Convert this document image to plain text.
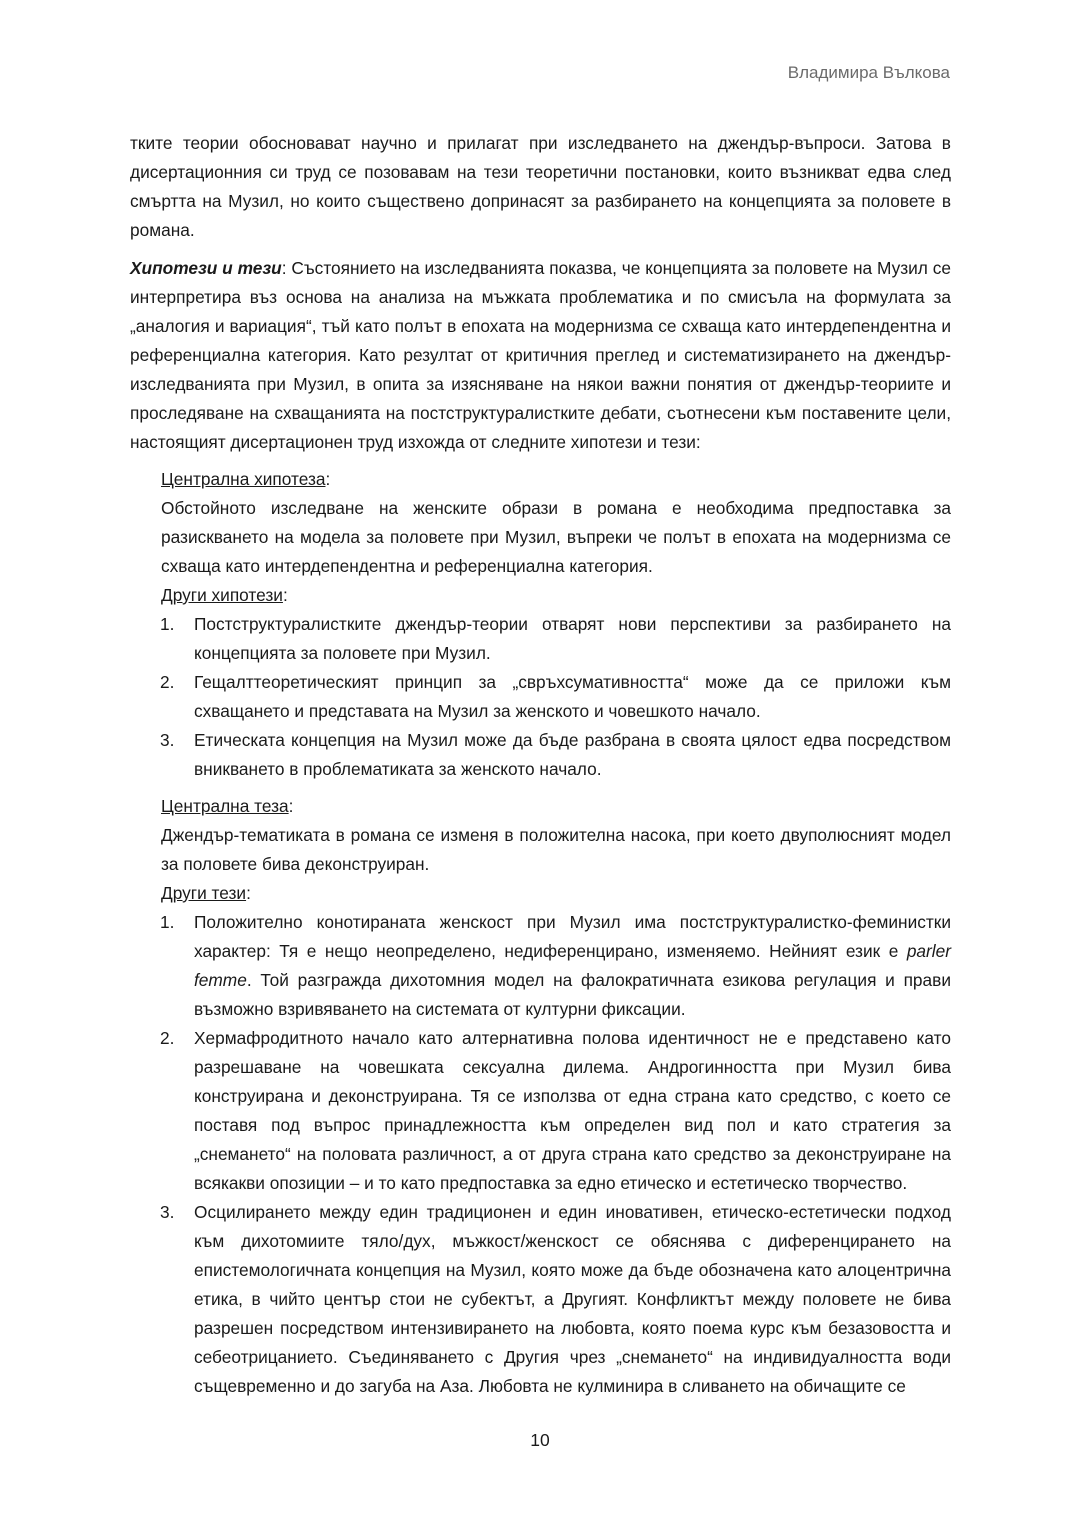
Владимира Вълкова

тките теории обосновават научно и прилагат при изследването на джендър-въпроси. Затова в дисертационния си труд се позовавам на тези теоретични постановки, които възникват едва след смъртта на Музил, но които съществено допринасят за разбирането на концепцията за половете в романа.

Хипотези и тези: Състоянието на изследванията показва, че концепцията за половете на Музил се интерпретира въз основа на анализа на мъжката проблематика и по смисъла на формулата за „аналогия и вариация“, тъй като полът в епохата на модернизма се схваща като интердепендентна и референциална категория. Като резултат от критичния преглед и систематизирането на джендър-изследванията при Музил, в опита за изясняване на някои важни понятия от джендър-теориите и проследяване на схващанията на постструктуралистките дебати, съотнесени към поставените цели, настоящият дисертационен труд изхожда от следните хипотези и тези:

Централна хипотеза:

Обстойното изследване на женските образи в романа е необходима предпоставка за разискването на модела за половете при Музил, въпреки че полът в епохата на модернизма се схваща като интердепендентна и референциална категория.

Други хипотези:

1. Постструктуралистките джендър-теории отварят нови перспективи за разбирането на концепцията за половете при Музил.
2. Гещалттеоретическият принцип за „свръхсумативността“ може да се приложи към схващането и представата на Музил за женското и човешкото начало.
3. Етическата концепция на Музил може да бъде разбрана в своята цялост едва посредством вникването в проблематиката за женското начало.

Централна теза:

Джендър-тематиката в романа се изменя в положителна насока, при което двуполюсният модел за половете бива деконструиран.

Други тези:

1. Положително конотираната женскост при Музил има постструктуралистко-феминистки характер: Тя е нещо неопределено, недиференцирано, изменяемо. Нейният език е parler femme. Той разгражда дихотомния модел на фалократичната езикова регулация и прави възможно взривяването на системата от културни фиксации.
2. Хермафродитното начало като алтернативна полова идентичност не е представено като разрешаване на човешката сексуална дилема. Андрогинността при Музил бива конструирана и деконструирана. Тя се използва от една страна като средство, с което се поставя под въпрос принадлежността към определен вид пол и като стратегия за „снемането“ на половата различност, а от друга страна като средство за деконструиране на всякакви опозиции – и то като предпоставка за едно етическо и естетическо творчество.
3. Осцилирането между един традиционен и един иновативен, етическо-естетически подход към дихотомиите тяло/дух, мъжкост/женскост се обяснява с диференцирането на епистемологичната концепция на Музил, която може да бъде обозначена като алоцентрична етика, в чийто център стои не субектът, а Другият. Конфликтът между половете не бива разрешен посредством интензивирането на любовта, която поема курс към безазовостта и себеотрицанието. Съединяването с Другия чрез „снемането“ на индивидуалността води същевременно и до загуба на Аза. Любовта не кулминира в сливането на обичащите се
10
